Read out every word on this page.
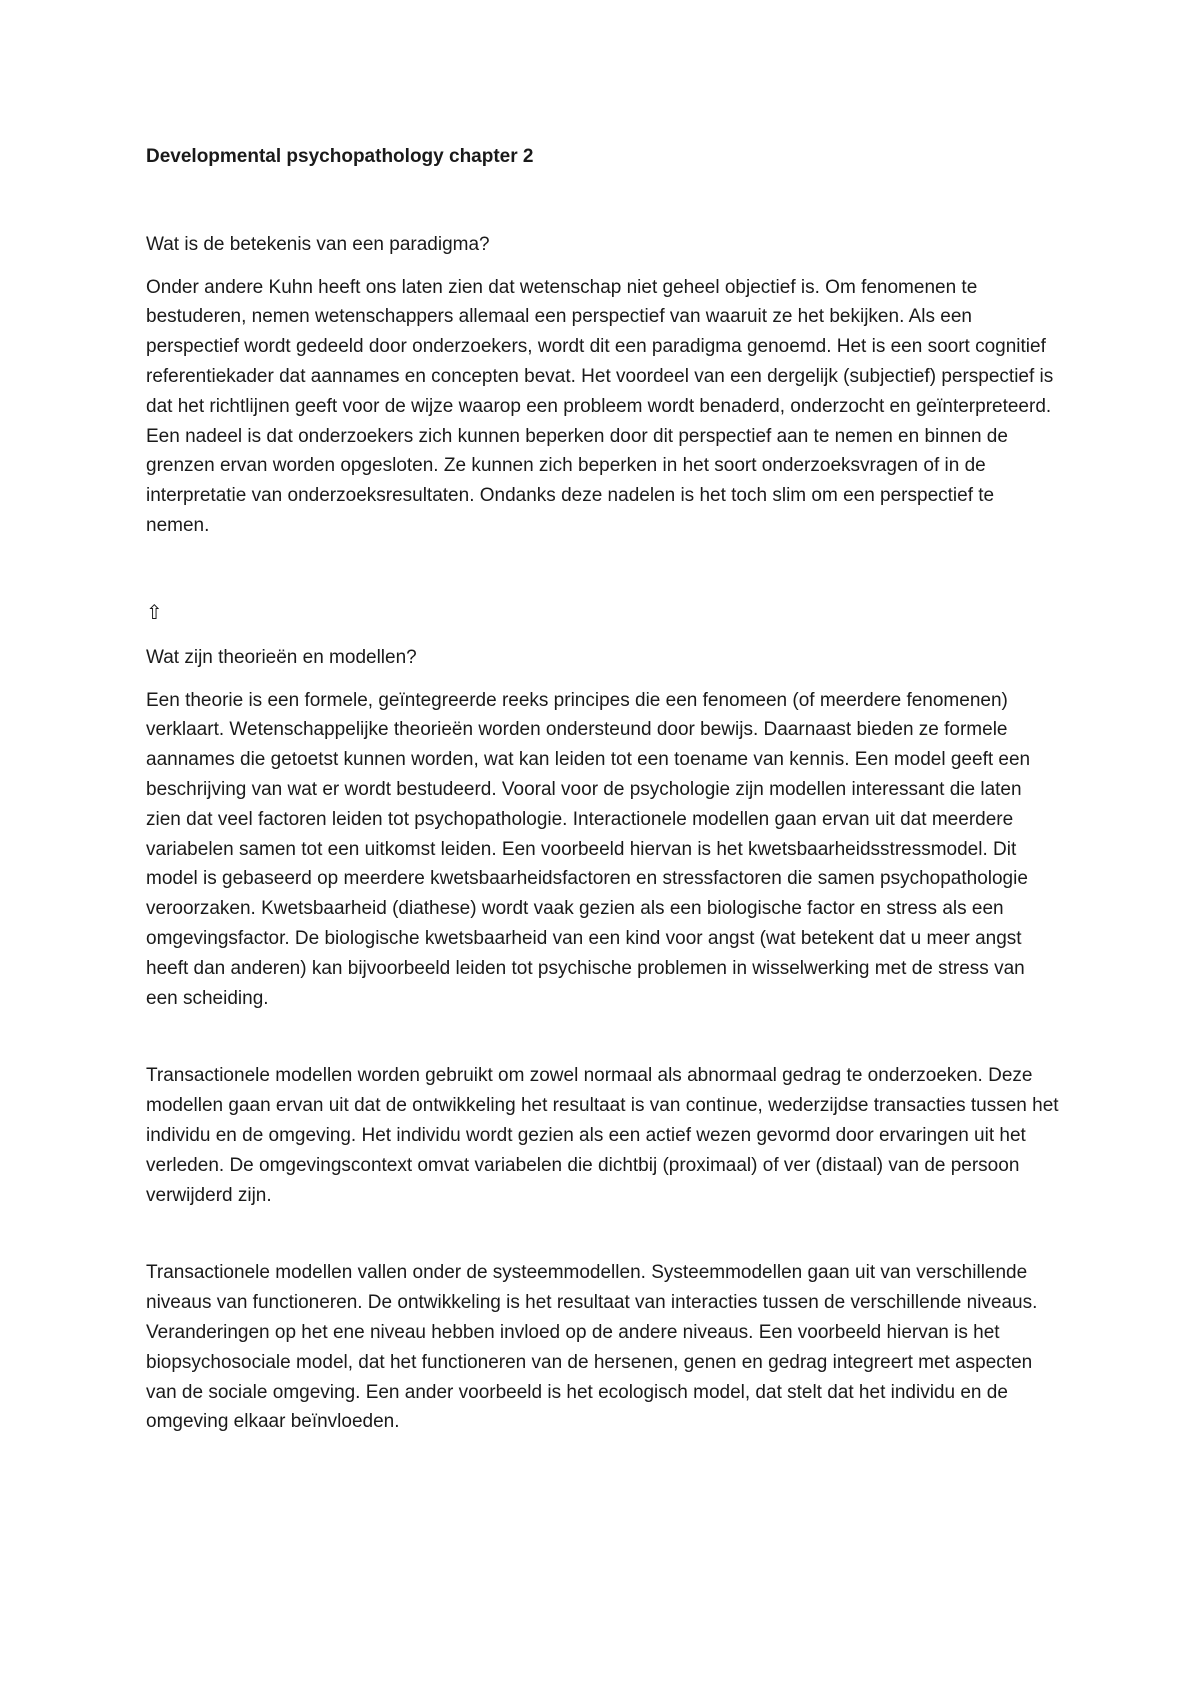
Developmental psychopathology chapter 2

Wat is de betekenis van een paradigma?

Onder andere Kuhn heeft ons laten zien dat wetenschap niet geheel objectief is. Om fenomenen te bestuderen, nemen wetenschappers allemaal een perspectief van waaruit ze het bekijken. Als een perspectief wordt gedeeld door onderzoekers, wordt dit een paradigma genoemd. Het is een soort cognitief referentiekader dat aannames en concepten bevat. Het voordeel van een dergelijk (subjectief) perspectief is dat het richtlijnen geeft voor de wijze waarop een probleem wordt benaderd, onderzocht en geïnterpreteerd. Een nadeel is dat onderzoekers zich kunnen beperken door dit perspectief aan te nemen en binnen de grenzen ervan worden opgesloten. Ze kunnen zich beperken in het soort onderzoeksvragen of in de interpretatie van onderzoeksresultaten. Ondanks deze nadelen is het toch slim om een perspectief te nemen.

⇧

Wat zijn theorieën en modellen?

Een theorie is een formele, geïntegreerde reeks principes die een fenomeen (of meerdere fenomenen) verklaart. Wetenschappelijke theorieën worden ondersteund door bewijs. Daarnaast bieden ze formele aannames die getoetst kunnen worden, wat kan leiden tot een toename van kennis. Een model geeft een beschrijving van wat er wordt bestudeerd. Vooral voor de psychologie zijn modellen interessant die laten zien dat veel factoren leiden tot psychopathologie. Interactionele modellen gaan ervan uit dat meerdere variabelen samen tot een uitkomst leiden. Een voorbeeld hiervan is het kwetsbaarheidsstressmodel. Dit model is gebaseerd op meerdere kwetsbaarheidsfactoren en stressfactoren die samen psychopathologie veroorzaken. Kwetsbaarheid (diathese) wordt vaak gezien als een biologische factor en stress als een omgevingsfactor. De biologische kwetsbaarheid van een kind voor angst (wat betekent dat u meer angst heeft dan anderen) kan bijvoorbeeld leiden tot psychische problemen in wisselwerking met de stress van een scheiding.

Transactionele modellen worden gebruikt om zowel normaal als abnormaal gedrag te onderzoeken. Deze modellen gaan ervan uit dat de ontwikkeling het resultaat is van continue, wederzijdse transacties tussen het individu en de omgeving. Het individu wordt gezien als een actief wezen gevormd door ervaringen uit het verleden. De omgevingscontext omvat variabelen die dichtbij (proximaal) of ver (distaal) van de persoon verwijderd zijn.

Transactionele modellen vallen onder de systeemmodellen. Systeemmodellen gaan uit van verschillende niveaus van functioneren. De ontwikkeling is het resultaat van interacties tussen de verschillende niveaus. Veranderingen op het ene niveau hebben invloed op de andere niveaus. Een voorbeeld hiervan is het biopsychosociale model, dat het functioneren van de hersenen, genen en gedrag integreert met aspecten van de sociale omgeving. Een ander voorbeeld is het ecologisch model, dat stelt dat het individu en de omgeving elkaar beïnvloeden.
